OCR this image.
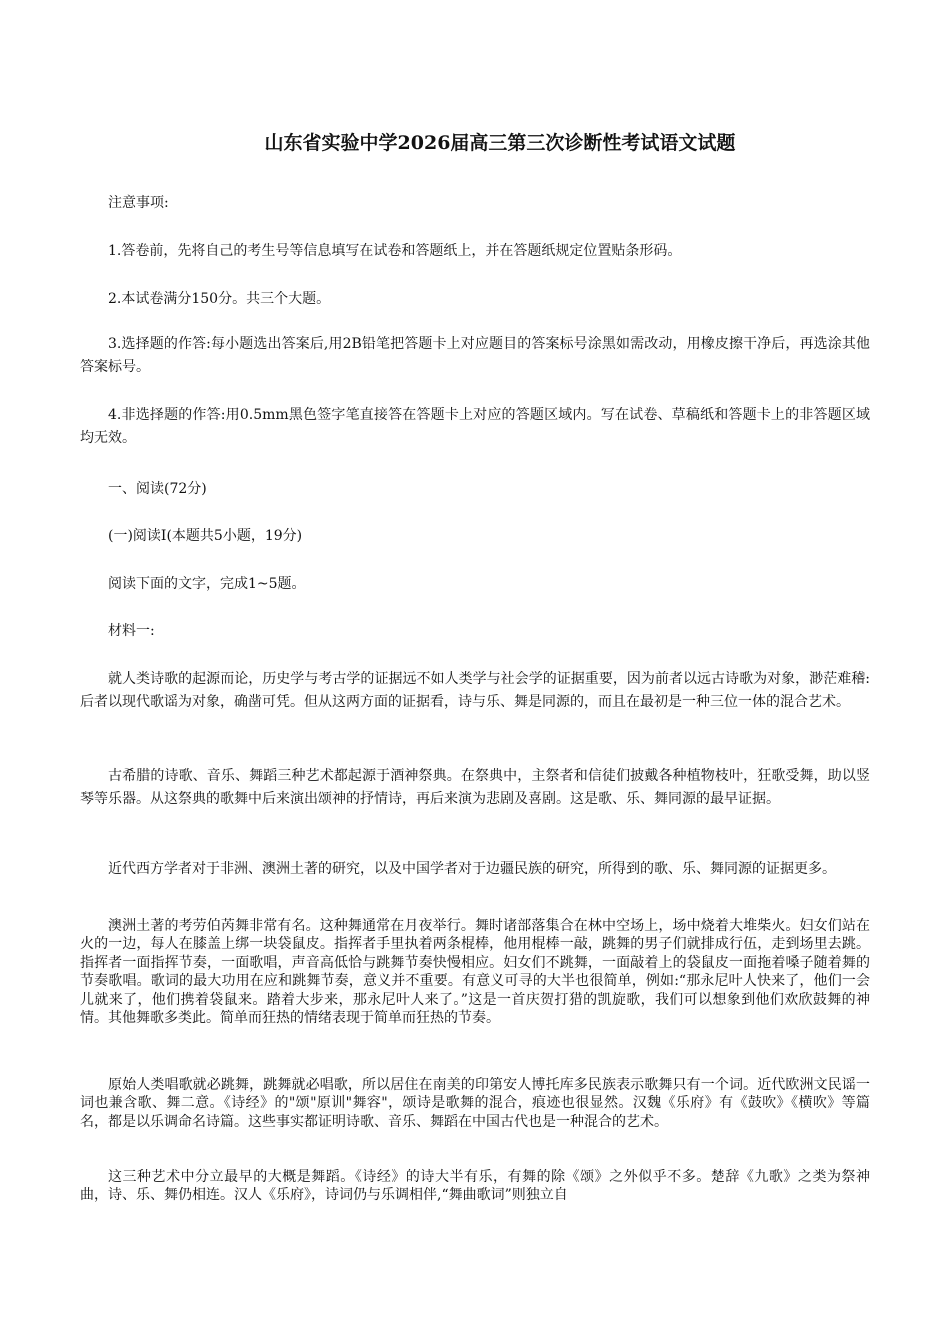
山东省实验中学2026届高三第三次诊断性考试语文试题

注意事项:

1.答卷前，先将自己的考生号等信息填写在试卷和答题纸上，并在答题纸规定位置贴条形码。

2.本试卷满分150分。共三个大题。

3.选择题的作答:每小题选出答案后,用2B铅笔把答题卡上对应题目的答案标号涂黑如需改动，用橡皮擦干净后，再选涂其他答案标号。

4.非选择题的作答:用0.5mm黑色签字笔直接答在答题卡上对应的答题区域内。写在试卷、草稿纸和答题卡上的非答题区域均无效。

一、阅读(72分)

(一)阅读I(本题共5小题，19分)

阅读下面的文字，完成1~5题。

材料一:

就人类诗歌的起源而论，历史学与考古学的证据远不如人类学与社会学的证据重要，因为前者以远古诗歌为对象，渺茫难稽:后者以现代歌谣为对象，确凿可凭。但从这两方面的证据看，诗与乐、舞是同源的，而且在最初是一种三位一体的混合艺术。

古希腊的诗歌、音乐、舞蹈三种艺术都起源于酒神祭典。在祭典中，主祭者和信徒们披戴各种植物枝叶，狂歌受舞，助以竖琴等乐器。从这祭典的歌舞中后来演出颂神的抒情诗，再后来演为悲剧及喜剧。这是歌、乐、舞同源的最早证据。

近代西方学者对于非洲、澳洲土著的研究，以及中国学者对于边疆民族的研究，所得到的歌、乐、舞同源的证据更多。

澳洲土著的考劳伯芮舞非常有名。这种舞通常在月夜举行。舞时诸部落集合在林中空场上，场中烧着大堆柴火。妇女们站在火的一边，每人在膝盖上绑一块袋鼠皮。指挥者手里执着两条棍棒，他用棍棒一敲，跳舞的男子们就排成行伍，走到场里去跳。指挥者一面指挥节奏，一面歌唱，声音高低恰与跳舞节奏快慢相应。妇女们不跳舞，一面敲着上的袋鼠皮一面拖着嗓子随着舞的节奏歌唱。歌词的最大功用在应和跳舞节奏，意义并不重要。有意义可寻的大半也很简单，例如:“那永尼叶人快来了，他们一会儿就来了，他们携着袋鼠来。踏着大步来，那永尼叶人来了。”这是一首庆贺打猎的凯旋歌，我们可以想象到他们欢欣鼓舞的神情。其他舞歌多类此。简单而狂热的情绪表现于简单而狂热的节奏。

原始人类唱歌就必跳舞，跳舞就必唱歌，所以居住在南美的印第安人博托库多民族表示歌舞只有一个词。近代欧洲文民谣一词也兼含歌、舞二意。《诗经》的"颂"原训"舞容"，颂诗是歌舞的混合，痕迹也很显然。汉魏《乐府》有《鼓吹》《横吹》等篇名，都是以乐调命名诗篇。这些事实都证明诗歌、音乐、舞蹈在中国古代也是一种混合的艺术。

这三种艺术中分立最早的大概是舞蹈。《诗经》的诗大半有乐，有舞的除《颂》之外似乎不多。楚辞《九歌》之类为祭神曲，诗、乐、舞仍相连。汉人《乐府》，诗词仍与乐调相伴,“舞曲歌词”则独立自
